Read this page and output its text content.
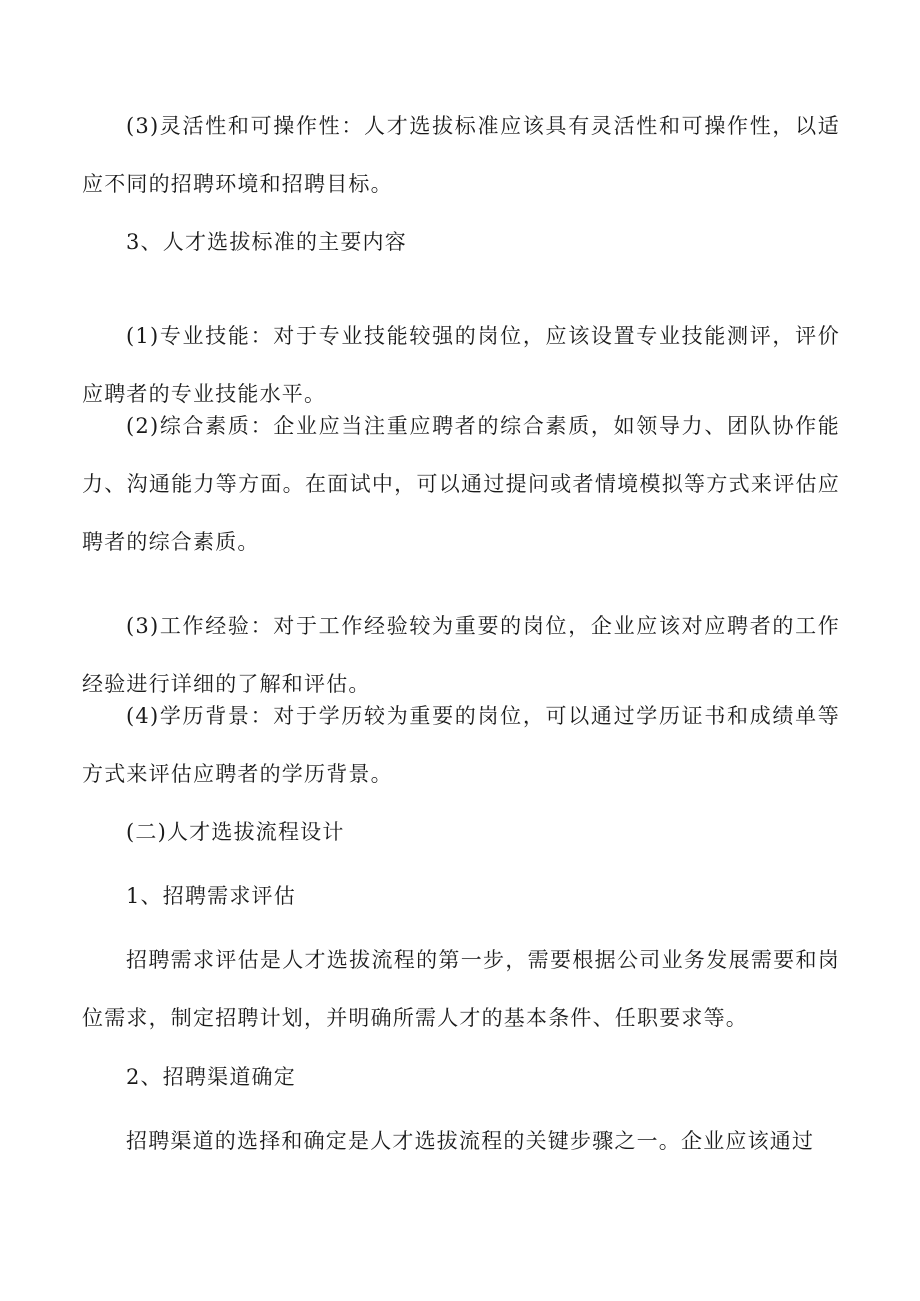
(3)灵活性和可操作性：人才选拔标准应该具有灵活性和可操作性，以适应不同的招聘环境和招聘目标。

3、人才选拔标准的主要内容

(1)专业技能：对于专业技能较强的岗位，应该设置专业技能测评，评价应聘者的专业技能水平。

(2)综合素质：企业应当注重应聘者的综合素质，如领导力、团队协作能力、沟通能力等方面。在面试中，可以通过提问或者情境模拟等方式来评估应聘者的综合素质。

(3)工作经验：对于工作经验较为重要的岗位，企业应该对应聘者的工作经验进行详细的了解和评估。

(4)学历背景：对于学历较为重要的岗位，可以通过学历证书和成绩单等方式来评估应聘者的学历背景。

(二)人才选拔流程设计

1、招聘需求评估

招聘需求评估是人才选拔流程的第一步，需要根据公司业务发展需要和岗位需求，制定招聘计划，并明确所需人才的基本条件、任职要求等。

2、招聘渠道确定

招聘渠道的选择和确定是人才选拔流程的关键步骤之一。企业应该通过
